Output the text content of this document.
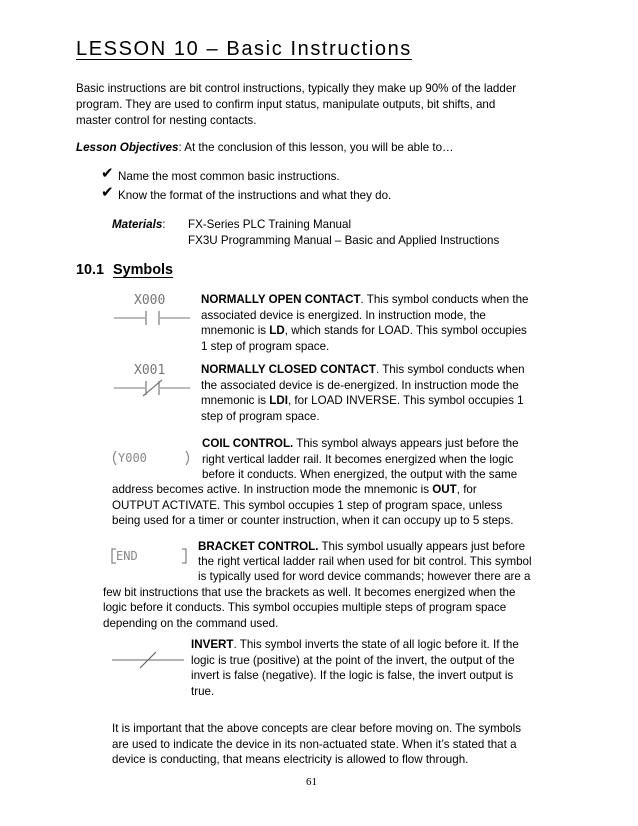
LESSON 10 – Basic Instructions
Basic instructions are bit control instructions, typically they make up 90% of the ladder
program. They are used to confirm input status, manipulate outputs, bit shifts, and
master control for nesting contacts.
Lesson Objectives: At the conclusion of this lesson, you will be able to…
✔ Name the most common basic instructions.
✔ Know the format of the instructions and what they do.
Materials: FX-Series PLC Training Manual
FX3U Programming Manual – Basic and Applied Instructions
10.1 Symbols
X000	NORMALLY OPEN CONTACT. This symbol conducts when the
associated device is energized. In instruction mode, the
mnemonic is LD, which stands for LOAD. This symbol occupies
1 step of program space.
X001	NORMALLY CLOSED CONTACT. This symbol conducts when
the associated device is de-energized. In instruction mode the
mnemonic is LDI, for LOAD INVERSE. This symbol occupies 1
step of program space.
Y000
COIL CONTROL. This symbol always appears just before the
right vertical ladder rail. It becomes energized when the logic
before it conducts. When energized, the output with the same
address becomes active. In instruction mode the mnemonic is OUT, for
OUTPUT ACTIVATE. This symbol occupies 1 step of program space, unless
being used for a timer or counter instruction, when it can occupy up to 5 steps.
END
BRACKET CONTROL. This symbol usually appears just before
the right vertical ladder rail when used for bit control. This symbol
is typically used for word device commands; however there are a
few bit instructions that use the brackets as well. It becomes energized when the
logic before it conducts. This symbol occupies multiple steps of program space
depending on the command used.
INVERT. This symbol inverts the state of all logic before it. If the
logic is true (positive) at the point of the invert, the output of the
invert is false (negative). If the logic is false, the invert output is
true.
It is important that the above concepts are clear before moving on. The symbols
are used to indicate the device in its non-actuated state. When it’s stated that a
device is conducting, that means electricity is allowed to flow through.
61
